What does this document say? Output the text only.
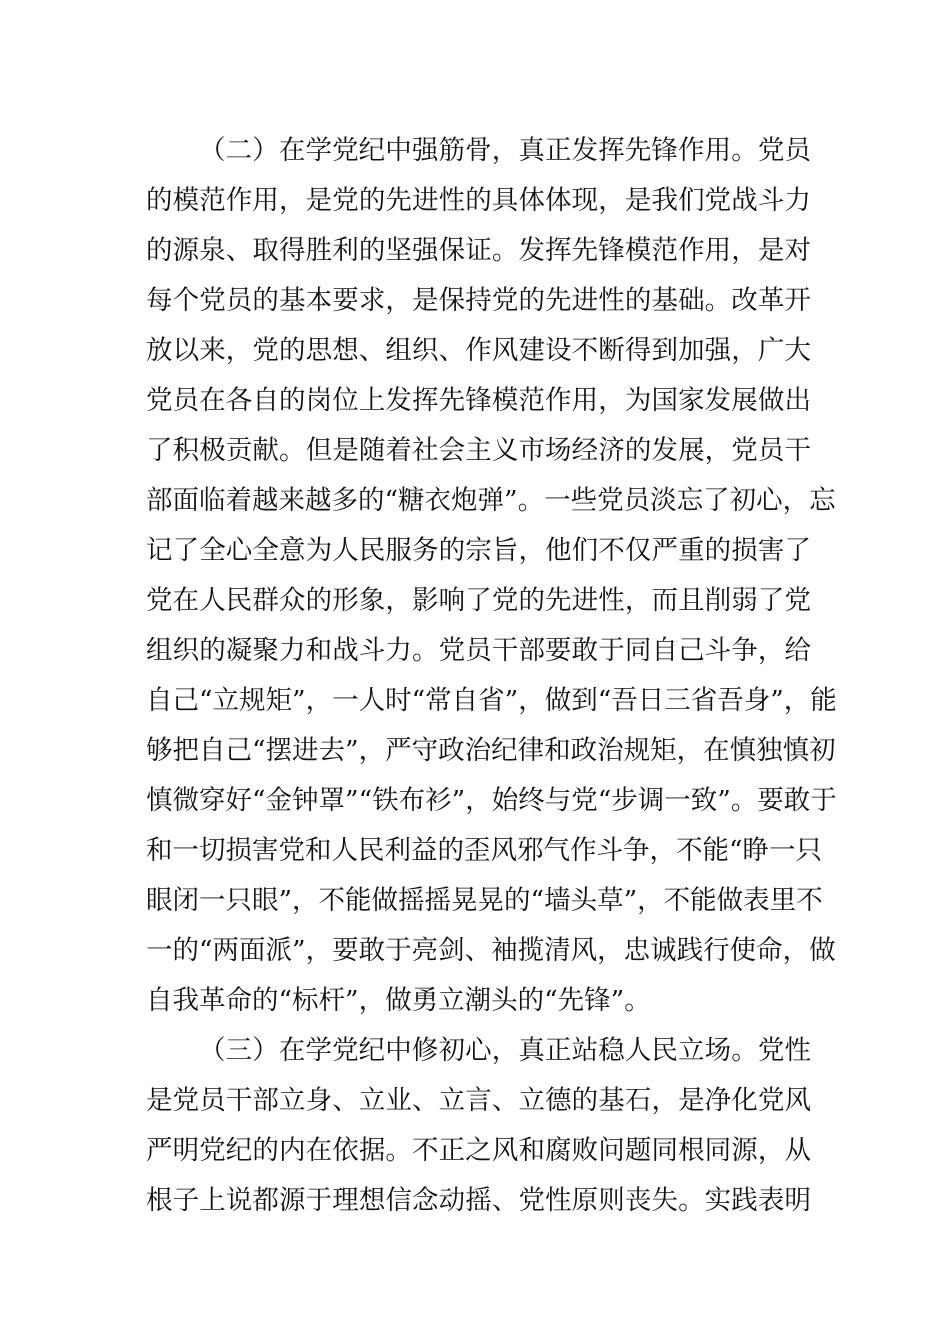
（二）在学党纪中强筋骨，真正发挥先锋作用。党员
的模范作用，是党的先进性的具体体现，是我们党战斗力
的源泉、取得胜利的坚强保证。发挥先锋模范作用，是对
每个党员的基本要求，是保持党的先进性的基础。改革开
放以来，党的思想、组织、作风建设不断得到加强，广大
党员在各自的岗位上发挥先锋模范作用，为国家发展做出
了积极贡献。但是随着社会主义市场经济的发展，党员干
部面临着越来越多的“糖衣炮弹”。一些党员淡忘了初心，忘
记了全心全意为人民服务的宗旨，他们不仅严重的损害了
党在人民群众的形象，影响了党的先进性，而且削弱了党
组织的凝聚力和战斗力。党员干部要敢于同自己斗争，给
自己“立规矩”，一人时“常自省”，做到“吾日三省吾身”，能
够把自己“摆进去”，严守政治纪律和政治规矩，在慎独慎初
慎微穿好“金钟罩”“铁布衫”，始终与党“步调一致”。要敢于
和一切损害党和人民利益的歪风邪气作斗争，不能“睁一只
眼闭一只眼”，不能做摇摇晃晃的“墙头草”，不能做表里不
一的“两面派”，要敢于亮剑、袖揽清风，忠诚践行使命，做
自我革命的“标杆”，做勇立潮头的“先锋”。
（三）在学党纪中修初心，真正站稳人民立场。党性
是党员干部立身、立业、立言、立德的基石，是净化党风
严明党纪的内在依据。不正之风和腐败问题同根同源，从
根子上说都源于理想信念动摇、党性原则丧失。实践表明
